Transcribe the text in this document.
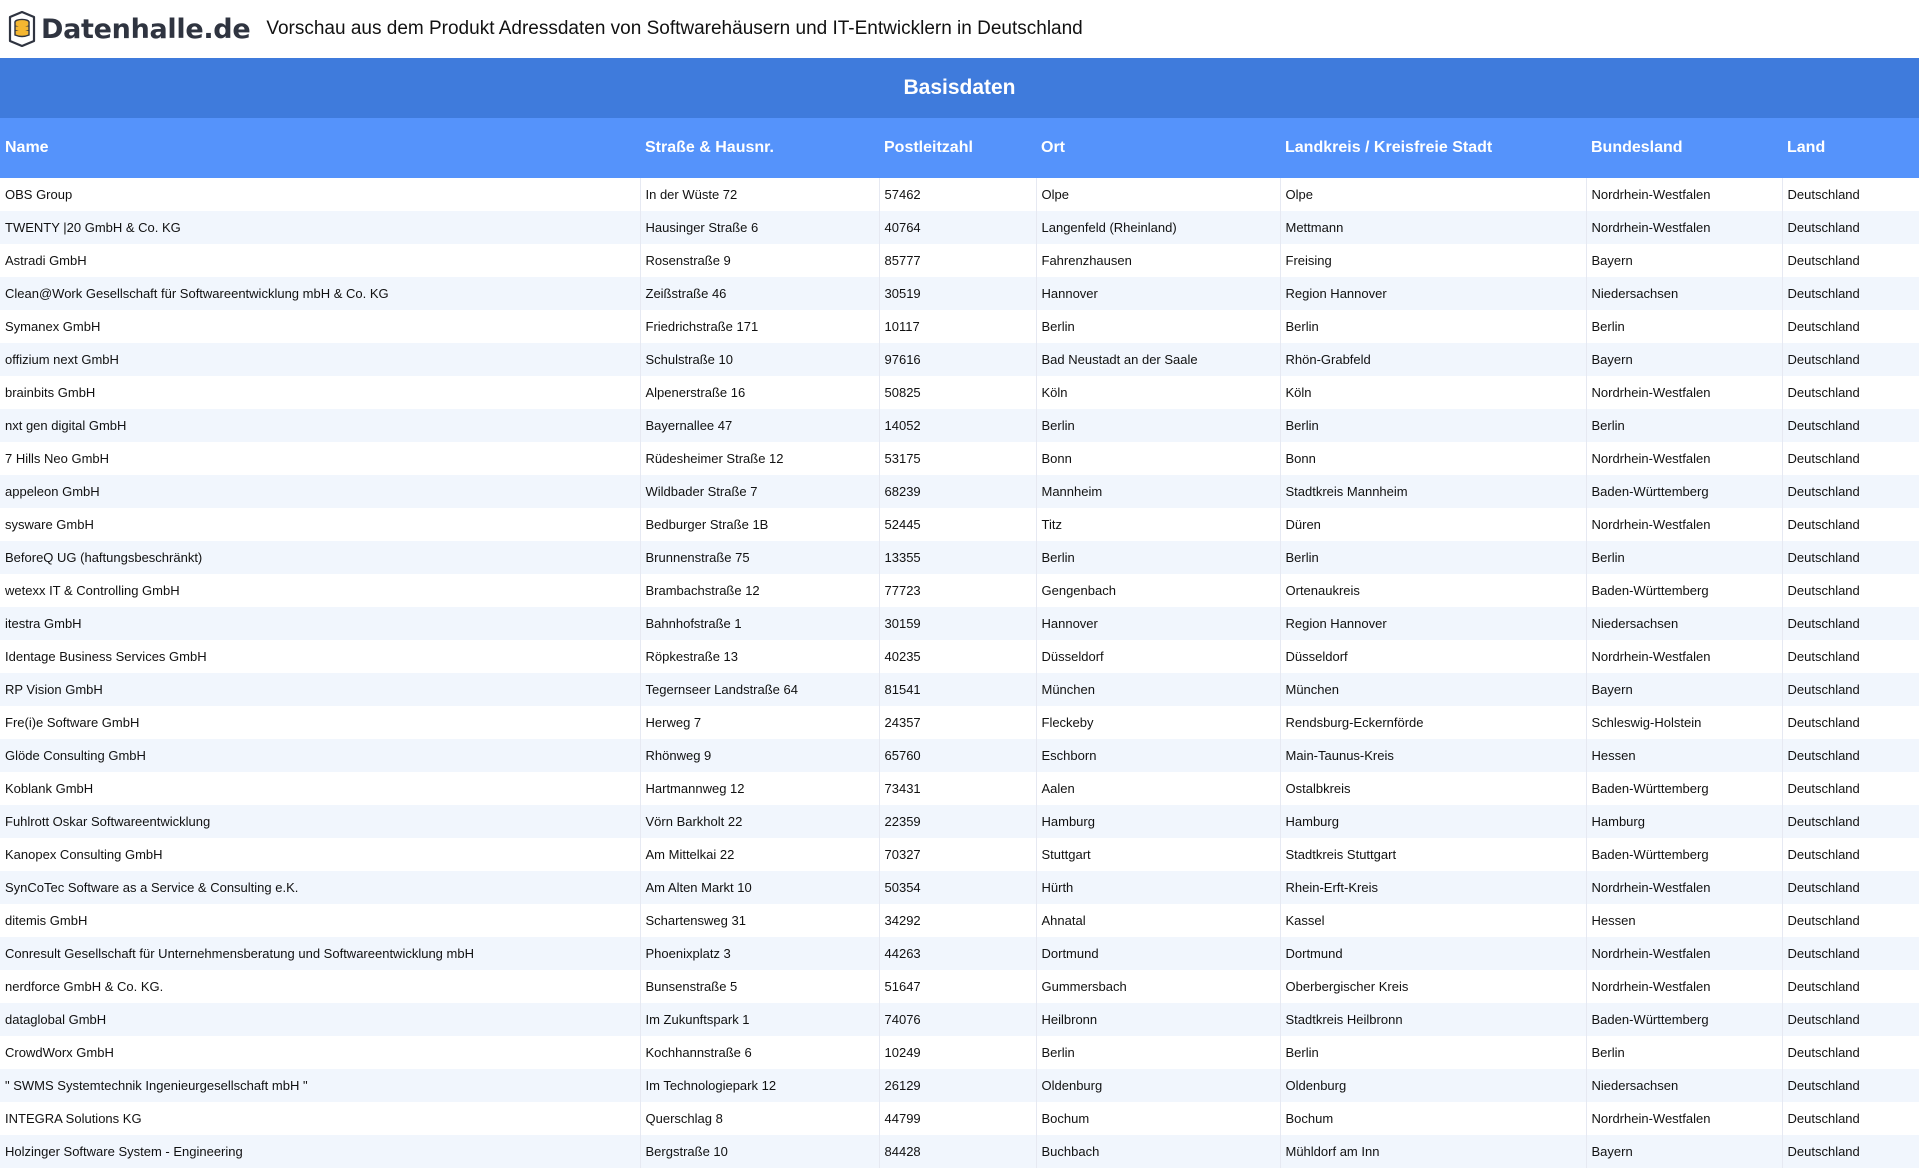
Datenhalle.de Vorschau aus dem Produkt Adressdaten von Softwarehäusern und IT-Entwicklern in Deutschland
Basisdaten
Name	Straße & Hausnr.	Postleitzahl	Ort	Landkreis / Kreisfreie Stadt	Bundesland	Land
OBS Group	In der Wüste 72	57462	Olpe	Olpe	Nordrhein-Westfalen	Deutschland
TWENTY |20 GmbH & Co. KG	Hausinger Straße 6	40764	Langenfeld (Rheinland)	Mettmann	Nordrhein-Westfalen	Deutschland
Astradi GmbH	Rosenstraße 9	85777	Fahrenzhausen	Freising	Bayern	Deutschland
Clean@Work Gesellschaft für Softwareentwicklung mbH & Co. KG	Zeißstraße 46	30519	Hannover	Region Hannover	Niedersachsen	Deutschland
Symanex GmbH	Friedrichstraße 171	10117	Berlin	Berlin	Berlin	Deutschland
offizium next GmbH	Schulstraße 10	97616	Bad Neustadt an der Saale	Rhön-Grabfeld	Bayern	Deutschland
brainbits GmbH	Alpenerstraße 16	50825	Köln	Köln	Nordrhein-Westfalen	Deutschland
nxt gen digital GmbH	Bayernallee 47	14052	Berlin	Berlin	Berlin	Deutschland
7 Hills Neo GmbH	Rüdesheimer Straße 12	53175	Bonn	Bonn	Nordrhein-Westfalen	Deutschland
appeleon GmbH	Wildbader Straße 7	68239	Mannheim	Stadtkreis Mannheim	Baden-Württemberg	Deutschland
sysware GmbH	Bedburger Straße 1B	52445	Titz	Düren	Nordrhein-Westfalen	Deutschland
BeforeQ UG (haftungsbeschränkt)	Brunnenstraße 75	13355	Berlin	Berlin	Berlin	Deutschland
wetexx IT & Controlling GmbH	Brambachstraße 12	77723	Gengenbach	Ortenaukreis	Baden-Württemberg	Deutschland
itestra GmbH	Bahnhofstraße 1	30159	Hannover	Region Hannover	Niedersachsen	Deutschland
Identage Business Services GmbH	Röpkestraße 13	40235	Düsseldorf	Düsseldorf	Nordrhein-Westfalen	Deutschland
RP Vision GmbH	Tegernseer Landstraße 64	81541	München	München	Bayern	Deutschland
Fre(i)e Software GmbH	Herweg 7	24357	Fleckeby	Rendsburg-Eckernförde	Schleswig-Holstein	Deutschland
Glöde Consulting GmbH	Rhönweg 9	65760	Eschborn	Main-Taunus-Kreis	Hessen	Deutschland
Koblank GmbH	Hartmannweg 12	73431	Aalen	Ostalbkreis	Baden-Württemberg	Deutschland
Fuhlrott Oskar Softwareentwicklung	Vörn Barkholt 22	22359	Hamburg	Hamburg	Hamburg	Deutschland
Kanopex Consulting GmbH	Am Mittelkai 22	70327	Stuttgart	Stadtkreis Stuttgart	Baden-Württemberg	Deutschland
SynCoTec Software as a Service & Consulting e.K.	Am Alten Markt 10	50354	Hürth	Rhein-Erft-Kreis	Nordrhein-Westfalen	Deutschland
ditemis GmbH	Schartensweg 31	34292	Ahnatal	Kassel	Hessen	Deutschland
Conresult Gesellschaft für Unternehmensberatung und Softwareentwicklung mbH	Phoenixplatz 3	44263	Dortmund	Dortmund	Nordrhein-Westfalen	Deutschland
nerdforce GmbH & Co. KG.	Bunsenstraße 5	51647	Gummersbach	Oberbergischer Kreis	Nordrhein-Westfalen	Deutschland
dataglobal GmbH	Im Zukunftspark 1	74076	Heilbronn	Stadtkreis Heilbronn	Baden-Württemberg	Deutschland
CrowdWorx GmbH	Kochhannstraße 6	10249	Berlin	Berlin	Berlin	Deutschland
" SWMS Systemtechnik Ingenieurgesellschaft mbH "	Im Technologiepark 12	26129	Oldenburg	Oldenburg	Niedersachsen	Deutschland
INTEGRA Solutions KG	Querschlag 8	44799	Bochum	Bochum	Nordrhein-Westfalen	Deutschland
Holzinger Software System - Engineering	Bergstraße 10	84428	Buchbach	Mühldorf am Inn	Bayern	Deutschland
